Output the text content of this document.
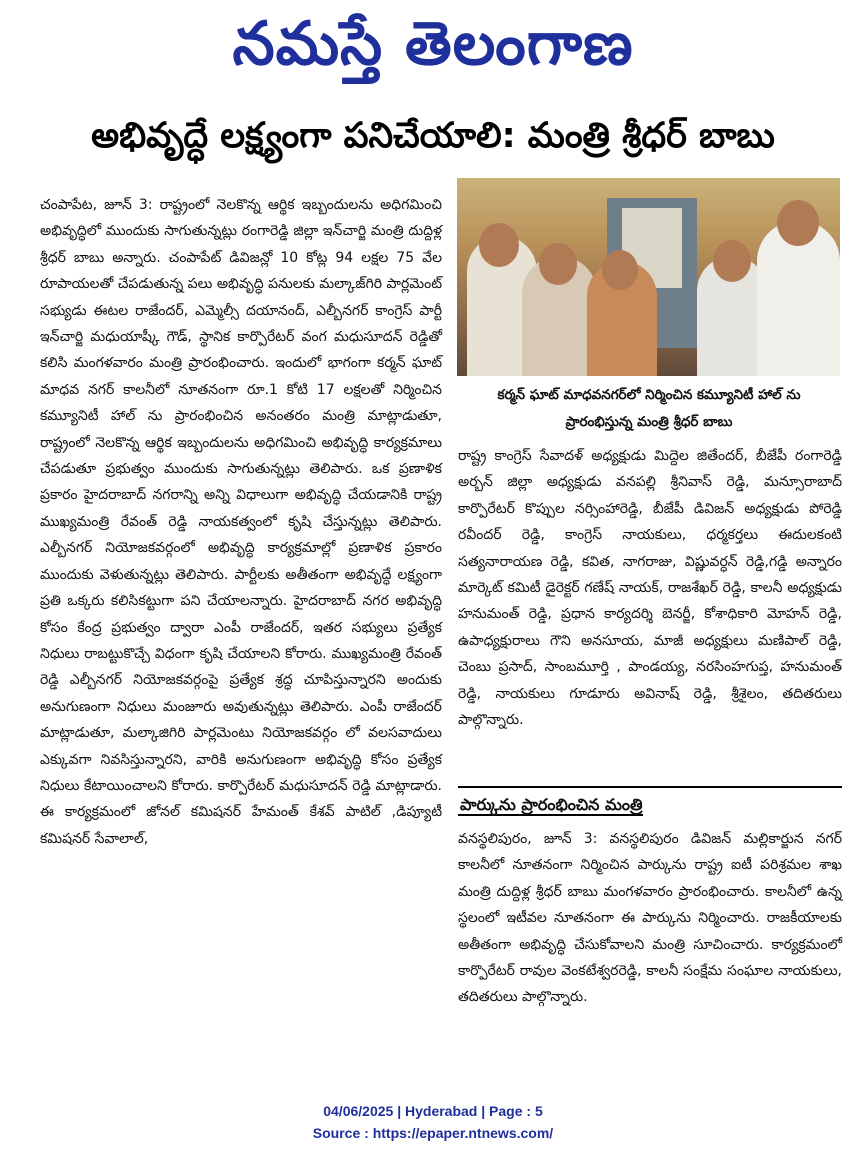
నమస్తే తెలంగాణ
అభివృద్ధే లక్ష్యంగా పనిచేయాలి: మంత్రి శ్రీధర్ బాబు

చంపాపేట, జూన్ 3: రాష్ట్రంలో నెలకొన్న ఆర్థిక ఇబ్బందులను అధిగమించి అభివృద్ధిలో ముందుకు సాగుతున్నట్లు రంగారెడ్డి జిల్లా ఇన్‌చార్జి మంత్రి దుద్దిళ్ల శ్రీధర్ బాబు అన్నారు. చంపాపేట్ డివిజన్లో 10 కోట్ల 94 లక్షల 75 వేల రూపాయలతో చేపడుతున్న పలు అభివృద్ధి పనులకు మల్కాజ్‌గిరి పార్లమెంట్ సభ్యుడు ఈటల రాజేందర్, ఎమ్మెల్సీ దయానంద్, ఎల్బీనగర్ కాంగ్రెస్ పార్టీ ఇన్‌చార్జి మధుయాష్కీ గౌడ్, స్థానిక కార్పొరేటర్ వంగ మధుసూదన్ రెడ్డితో కలిసి మంగళవారం మంత్రి ప్రారంభించారు. ఇందులో భాగంగా కర్మన్ ఘాట్ మాధవ నగర్ కాలనీలో నూతనంగా రూ.1 కోటి 17 లక్షలతో నిర్మించిన కమ్యూనిటీ హాల్ ను ప్రారంభించిన అనంతరం మంత్రి మాట్లాడుతూ, రాష్ట్రంలో నెలకొన్న ఆర్థిక ఇబ్బందులను అధిగమించి అభివృద్ధి కార్యక్రమాలు చేపడుతూ ప్రభుత్వం ముందుకు సాగుతున్నట్లు తెలిపారు. ఒక ప్రణాళిక ప్రకారం హైదరాబాద్ నగరాన్ని అన్ని విధాలుగా అభివృద్ధి చేయడానికి రాష్ట్ర ముఖ్యమంత్రి రేవంత్ రెడ్డి నాయకత్వంలో కృషి చేస్తున్నట్లు తెలిపారు. ఎల్బీనగర్ నియోజకవర్గంలో అభివృద్ధి కార్యక్రమాల్లో ప్రణాళిక ప్రకారం ముందుకు వెళుతున్నట్లు తెలిపారు. పార్టీలకు అతీతంగా అభివృద్ధే లక్ష్యంగా ప్రతి ఒక్కరు కలిసికట్టుగా పని చేయాలన్నారు. హైదరాబాద్ నగర అభివృద్ధి కోసం కేంద్ర ప్రభుత్వం ద్వారా ఎంపీ రాజేందర్, ఇతర సభ్యులు ప్రత్యేక నిధులు రాబట్టుకొచ్చే విధంగా కృషి చేయాలని కోరారు. ముఖ్యమంత్రి రేవంత్ రెడ్డి ఎల్బీనగర్ నియోజకవర్గంపై ప్రత్యేక శ్రద్ధ చూపిస్తున్నారని అందుకు అనుగుణంగా నిధులు మంజూరు అవుతున్నట్లు తెలిపారు. ఎంపీ రాజేందర్ మాట్లాడుతూ, మల్కాజిగిరి పార్లమెంటు నియోజకవర్గం లో వలసవాదులు ఎక్కువగా నివసిస్తున్నారని, వారికి అనుగుణంగా అభివృద్ధి కోసం ప్రత్యేక నిధులు కేటాయించాలని కోరారు. కార్పొరేటర్ మధుసూదన్ రెడ్డి మాట్లాడారు. ఈ కార్యక్రమంలో జోనల్ కమిషనర్ హేమంత్ కేశవ్ పాటిల్ ,డిప్యూటీ కమిషనర్ సేవాలాల్,

కర్మన్ ఘాట్ మాధవనగర్‌లో నిర్మించిన కమ్యూనిటీ హాల్ ను ప్రారంభిస్తున్న మంత్రి శ్రీధర్ బాబు

రాష్ట్ర కాంగ్రెస్ సేవాదళ్ అధ్యక్షుడు మిద్దెల జితేందర్, బీజేపీ రంగారెడ్డి అర్బన్ జిల్లా అధ్యక్షుడు వనపల్లి శ్రీనివాస్ రెడ్డి, మన్సూరాబాద్ కార్పొరేటర్ కొప్పుల నర్సింహారెడ్డి, బీజేపీ డివిజన్ అధ్యక్షుడు పోరెడ్డి రవీందర్ రెడ్డి, కాంగ్రెస్ నాయకులు, ధర్మకర్తలు ఈదులకంటి సత్యనారాయణ రెడ్డి, కవిత, నాగరాజు, విష్ణువర్ధన్ రెడ్డి,గడ్డి అన్నారం మార్కెట్ కమిటీ డైరెక్టర్ గణేష్ నాయక్, రాజశేఖర్ రెడ్డి, కాలనీ అధ్యక్షుడు హనుమంత్ రెడ్డి, ప్రధాన కార్యదర్శి బెనర్జీ, కోశాధికారి మోహన్ రెడ్డి, ఉపాధ్యక్షురాలు గౌని అనసూయ, మాజీ అధ్యక్షులు మణిపాల్ రెడ్డి, చెంబు ప్రసాద్, సాంబమూర్తి , పాండయ్య, నరసింహగుప్త, హనుమంత్ రెడ్డి, నాయకులు గూడూరు అవినాష్ రెడ్డి, శ్రీశైలం, తదితరులు పాల్గొన్నారు.

పార్కును ప్రారంభించిన మంత్రి

వనస్థలిపురం, జూన్ 3: వనస్థలిపురం డివిజన్ మల్లికార్జున నగర్ కాలనీలో నూతనంగా నిర్మించిన పార్కును రాష్ట్ర ఐటీ పరిశ్రమల శాఖ మంత్రి దుద్దిళ్ల శ్రీధర్ బాబు మంగళవారం ప్రారంభించారు. కాలనీలో ఉన్న స్థలంలో ఇటీవల నూతనంగా ఈ పార్కును నిర్మించారు. రాజకీయాలకు అతీతంగా అభివృద్ధి చేసుకోవాలని మంత్రి సూచించారు. కార్యక్రమంలో కార్పొరేటర్ రావుల వెంకటేశ్వరరెడ్డి, కాలనీ సంక్షేమ సంఘాల నాయకులు, తదితరులు పాల్గొన్నారు.

04/06/2025 | Hyderabad | Page : 5
Source : https://epaper.ntnews.com/
